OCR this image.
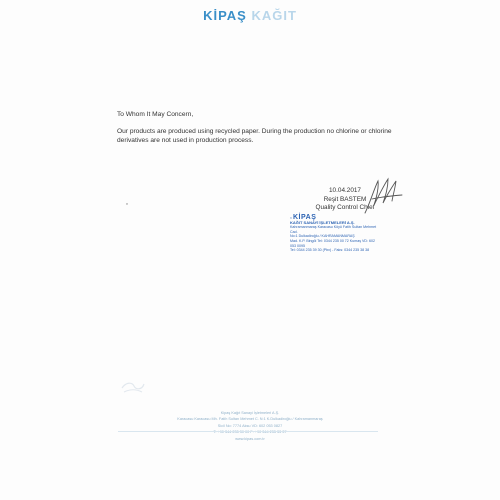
KİPAŞ KAĞIT

To Whom It May Concern,

Our products are produced using recycled paper. During the production no chlorine or chlorine derivatives are not used in production process.

*
10.04.2017
Reşit BASTEM
Quality Control Chief
≈ KİPAŞ
KAĞIT SANAYİ İŞLETMELERİ A.Ş.
Kahramanmaraş Karacasu Köyü Fatih Sultan Mehmet Cad.
No:1 Dulkadiroğlu / KAHRAMANMARAŞ
Mad. K.P. Bingöl Tel: 0344 235 00 72 Kumaş VD: 602 053 0095
Tel: 0344 235 39 30 (Pbx) - Faks: 0344 235 38 38
Kipaş Kağıt Sanayi İşletmeleri A.Ş.
Karacasu Karacasu Mh. Fatih Sultan Mehmet C. N:1 K.Dulkadiroğlu / Kahramanmaraş
Sicil No: 7774 Aksu VD: 602 053 0827
T: +90 344 235 30 00 F: +90 344 235 33 37
www.kipas.com.tr
